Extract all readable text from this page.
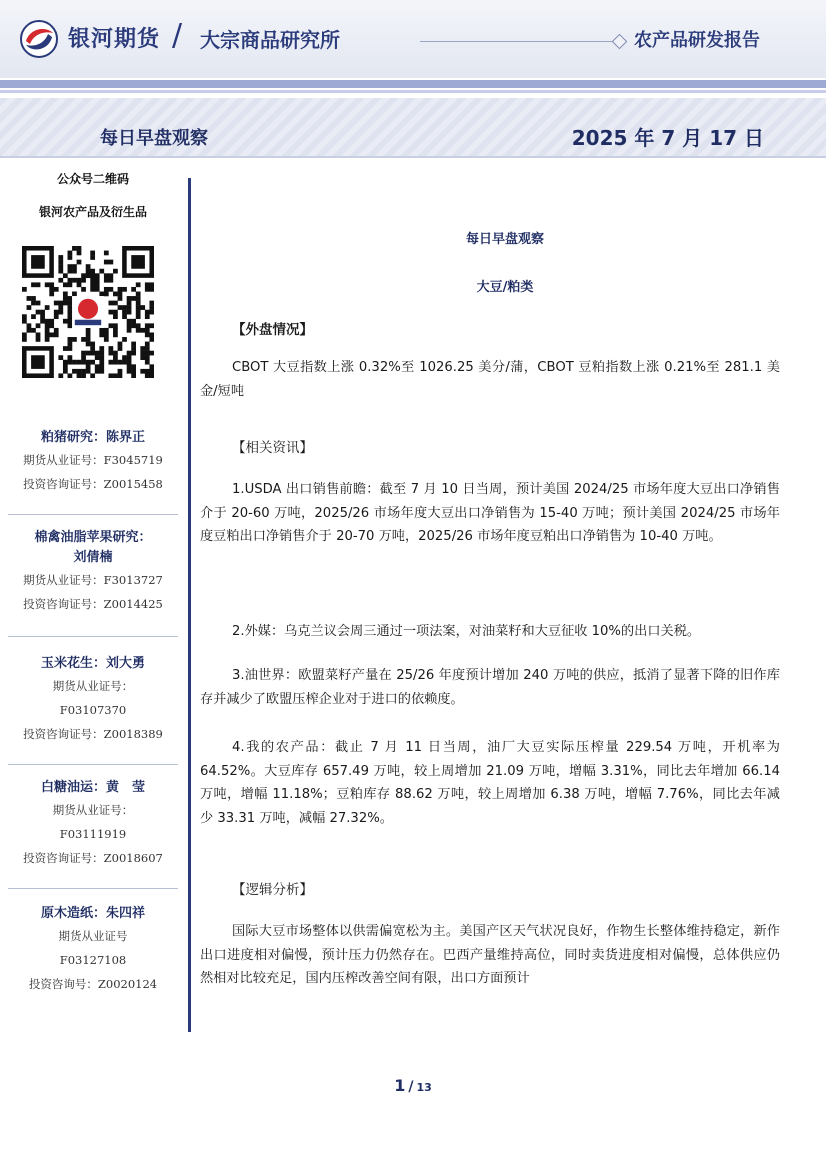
银河期货 / 大宗商品研究所	农产品研发报告
每日早盘观察	2025 年 7 月 17 日
公众号二维码
银河农产品及衍生品
粕猪研究：陈界正
期货从业证号：F3045719
投资咨询证号：Z0015458
棉禽油脂苹果研究：
刘倩楠
期货从业证号：F3013727
投资咨询证号：Z0014425
玉米花生：刘大勇
期货从业证号：
F03107370
投资咨询证号：Z0018389
白糖油运：黄　莹
期货从业证号：
F03111919
投资咨询证号：Z0018607
原木造纸：朱四祥
期货从业证号
F03127108
投资咨询号：Z0020124
每日早盘观察
大豆/粕类
【外盘情况】

CBOT 大豆指数上涨 0.32%至 1026.25 美分/蒲，CBOT 豆粕指数上涨 0.21%至 281.1 美金/短吨

【相关资讯】

1.USDA 出口销售前瞻：截至 7 月 10 日当周，预计美国 2024/25 市场年度大豆出口净销售介于 20-60 万吨，2025/26 市场年度大豆出口净销售为 15-40 万吨；预计美国 2024/25 市场年度豆粕出口净销售介于 20-70 万吨，2025/26 市场年度豆粕出口净销售为 10-40 万吨。

2.外媒：乌克兰议会周三通过一项法案，对油菜籽和大豆征收 10%的出口关税。

3.油世界：欧盟菜籽产量在 25/26 年度预计增加 240 万吨的供应，抵消了显著下降的旧作库存并减少了欧盟压榨企业对于进口的依赖度。

4.我的农产品：截止 7 月 11 日当周，油厂大豆实际压榨量 229.54 万吨，开机率为 64.52%。大豆库存 657.49 万吨，较上周增加 21.09 万吨，增幅 3.31%，同比去年增加 66.14 万吨，增幅 11.18%；豆粕库存 88.62 万吨，较上周增加 6.38 万吨，增幅 7.76%，同比去年减少 33.31 万吨，减幅 27.32%。

【逻辑分析】

国际大豆市场整体以供需偏宽松为主。美国产区天气状况良好，作物生长整体维持稳定，新作出口进度相对偏慢，预计压力仍然存在。巴西产量维持高位，同时卖货进度相对偏慢，总体供应仍然相对比较充足，国内压榨改善空间有限，出口方面预计

1 / 13
